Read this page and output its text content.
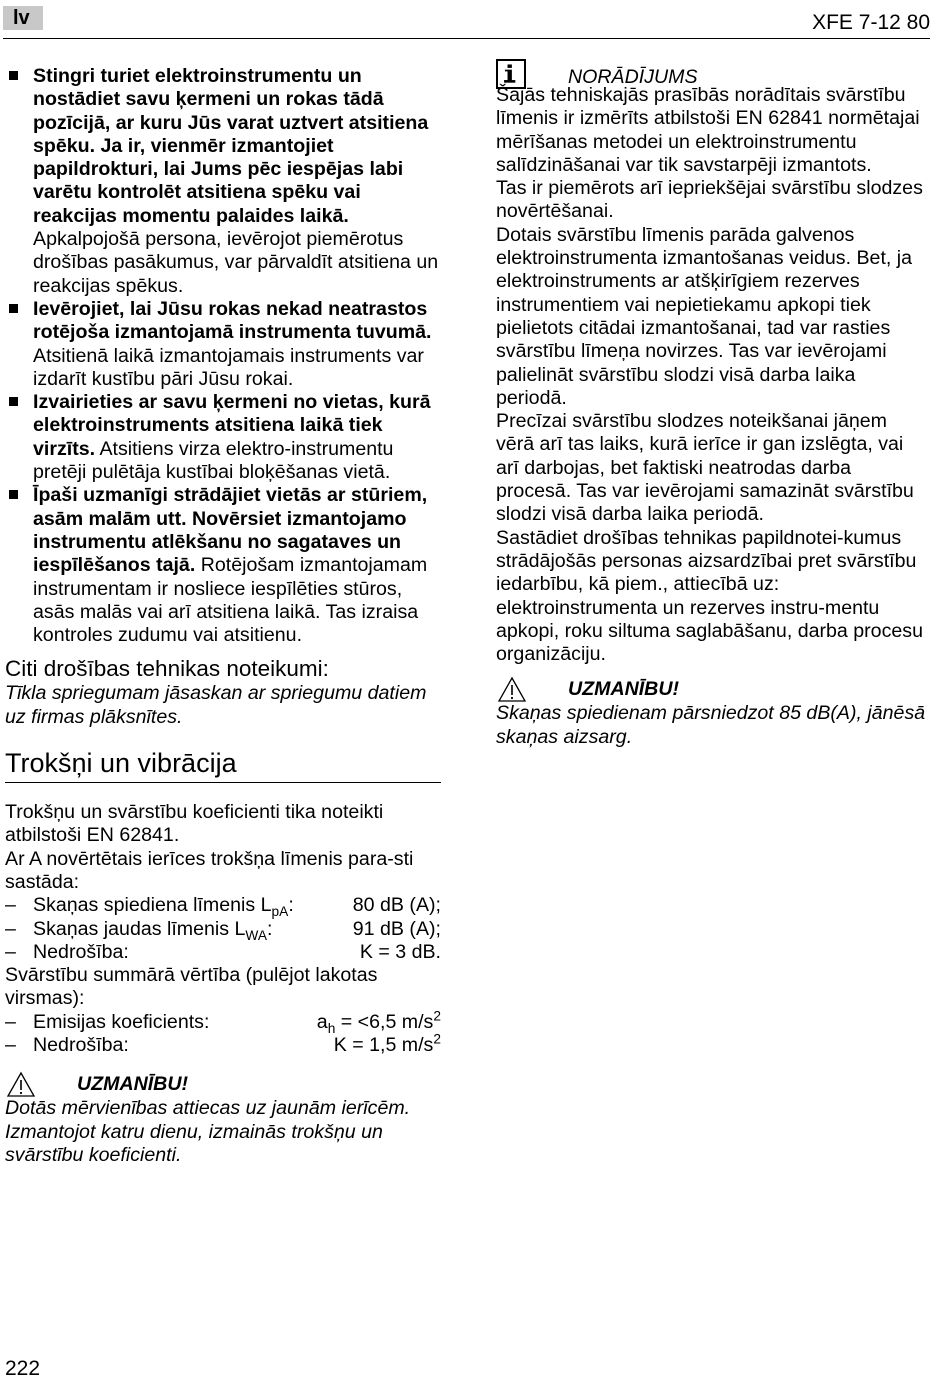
lv	XFE 7-12 80
Stingri turiet elektroinstrumentu un nostādiet savu ķermeni un rokas tādā pozīcijā, ar kuru Jūs varat uztvert atsitiena spēku. Ja ir, vienmēr izmantojiet papildrokturi, lai Jums pēc iespējas labi varētu kontrolēt atsitiena spēku vai reakcijas momentu palaides laikā. Apkalpojošā persona, ievērojot piemērotus drošības pasākumus, var pārvaldīt atsitiena un reakcijas spēkus.
Ievērojiet, lai Jūsu rokas nekad neatrastos rotējoša izmantojamā instrumenta tuvumā. Atsitienā laikā izmantojamais instruments var izdarīt kustību pāri Jūsu rokai.
Izvairieties ar savu ķermeni no vietas, kurā elektroinstruments atsitiena laikā tiek virzīts. Atsitiens virza elektro-instrumentu pretēji pulētāja kustībai bloķēšanas vietā.
Īpaši uzmanīgi strādājiet vietās ar stūriem, asām malām utt. Novērsiet izmantojamo instrumentu atlēkšanu no sagataves un iespīlēšanos tajā. Rotējošam izmantojamam instrumentam ir nosliece iespīlēties stūros, asās malās vai arī atsitiena laikā. Tas izraisa kontroles zudumu vai atsitienu.
Citi drošības tehnikas noteikumi:
Tīkla spriegumam jāsaskan ar spriegumu datiem uz firmas plāksnītes.
Trokšņi un vibrācija
Trokšņu un svārstību koeficienti tika noteikti atbilstoši EN 62841.
Ar A novērtētais ierīces trokšņa līmenis para-sti sastāda:
– Skaņas spiediena līmenis $L_{pA}$:	80 dB (A);
– Skaņas jaudas līmenis $L_{WA}$:	91 dB (A);
– Nedrošība:	K = 3 dB.
Svārstību summārā vērtība (pulējot lakotas virsmas):
– Emisijas koeficients:	$a_h = <6,5$ $m/s^2$
– Nedrošība:	K = 1,5 $m/s^2$
UZMANĪBU!
Dotās mērvienības attiecas uz jaunām ierīcēm. Izmantojot katru dienu, izmainās trokšņu un svārstību koeficienti.
NORĀDĪJUMS
Šajās tehniskajās prasībās norādītais svārstību līmenis ir izmērīts atbilstoši EN 62841 normētajai mērīšanas metodei un elektroinstrumentu salīdzināšanai var tik savstarpēji izmantots.
Tas ir piemērots arī iepriekšējai svārstību slodzes novērtēšanai.
Dotais svārstību līmenis parāda galvenos elektroinstrumenta izmantošanas veidus. Bet, ja elektroinstruments ar atšķirīgiem rezerves instrumentiem vai nepietiekamu apkopi tiek pielietots citādai izmantošanai, tad var rasties svārstību līmeņa novirzes. Tas var ievērojami palielināt svārstību slodzi visā darba laika periodā.
Precīzai svārstību slodzes noteikšanai jāņem vērā arī tas laiks, kurā ierīce ir gan izslēgta, vai arī darbojas, bet faktiski neatrodas darba procesā. Tas var ievērojami samazināt svārstību slodzi visā darba laika periodā.
Sastādiet drošības tehnikas papildnotei-kumus strādājošās personas aizsardzībai pret svārstību iedarbību, kā piem., attiecībā uz: elektroinstrumenta un rezerves instru-mentu apkopi, roku siltuma saglabāšanu, darba procesu organizāciju.
UZMANĪBU!
Skaņas spiedienam pārsniedzot 85 dB(A), jānēsā skaņas aizsarg.
222
